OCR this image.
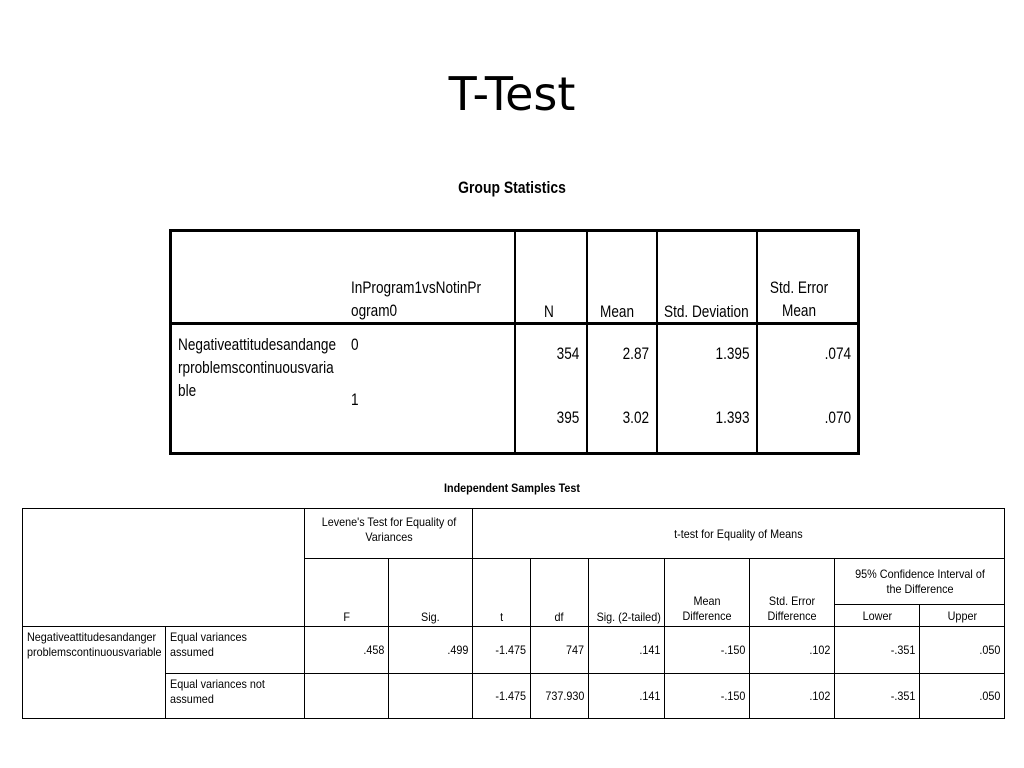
T-Test
Group Statistics
	InProgram1vsNotinProgram0	N	Mean	Std. Deviation	Std. Error Mean
Negativeattitudesandangerproblemscontinuousvariable	0	354	2.87	1.395	.074
	1	395	3.02	1.393	.070
Independent Samples Test
		Levene's Test for Equality of Variances		t-test for Equality of Means						
		F	Sig.	t	df	Sig. (2-tailed)	Mean Difference	Std. Error Difference	95% Confidence Interval of the Difference	
									Lower	Upper
Negativeattitudesandangerproblemscontinuousvariable	Equal variances assumed	.458	.499	-1.475	747	.141	-.150	.102	-.351	.050
	Equal variances not assumed			-1.475	737.930	.141	-.150	.102	-.351	.050
